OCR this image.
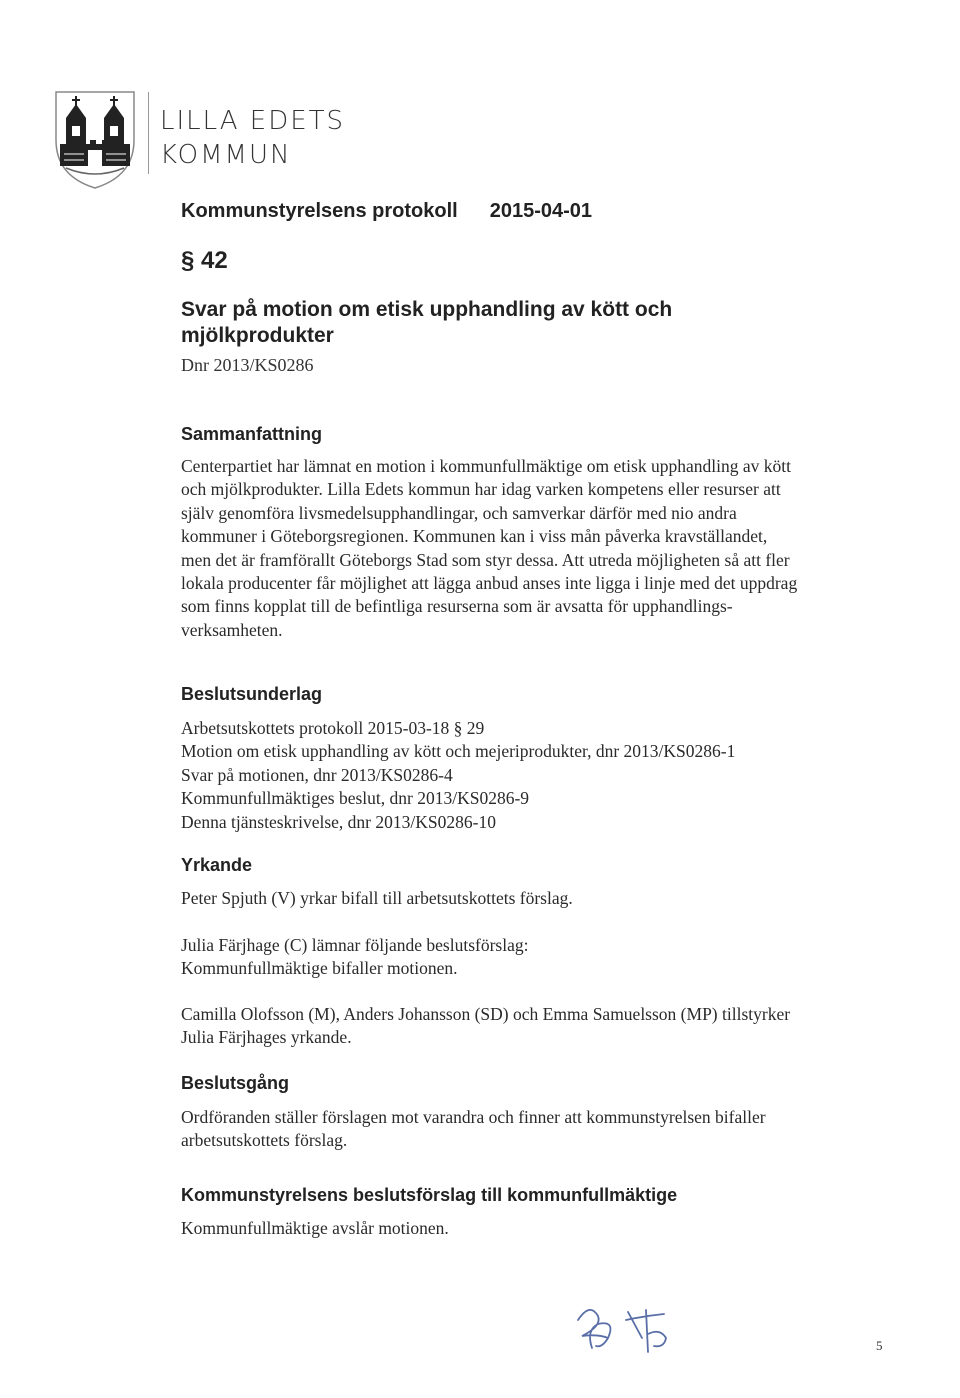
LILLA EDETS
KOMMUN
Kommunstyrelsens protokoll 2015-04-01
§ 42
Svar på motion om etisk upphandling av kött och mjölkprodukter
Dnr 2013/KS0286
Sammanfattning
Centerpartiet har lämnat en motion i kommunfullmäktige om etisk upphandling av kött
och mjölkprodukter. Lilla Edets kommun har idag varken kompetens eller resurser att
själv genomföra livsmedelsupphandlingar, och samverkar därför med nio andra
kommuner i Göteborgsregionen. Kommunen kan i viss mån påverka kravställandet,
men det är framförallt Göteborgs Stad som styr dessa. Att utreda möjligheten så att fler
lokala producenter får möjlighet att lägga anbud anses inte ligga i linje med det uppdrag
som finns kopplat till de befintliga resurserna som är avsatta för upphandlings-
verksamheten.
Beslutsunderlag
Arbetsutskottets protokoll 2015-03-18 § 29
Motion om etisk upphandling av kött och mejeriprodukter, dnr 2013/KS0286-1
Svar på motionen, dnr 2013/KS0286-4
Kommunfullmäktiges beslut, dnr 2013/KS0286-9
Denna tjänsteskrivelse, dnr 2013/KS0286-10
Yrkande
Peter Spjuth (V) yrkar bifall till arbetsutskottets förslag.
Julia Färjhage (C) lämnar följande beslutsförslag:
Kommunfullmäktige bifaller motionen.
Camilla Olofsson (M), Anders Johansson (SD) och Emma Samuelsson (MP) tillstyrker
Julia Färjhages yrkande.
Beslutsgång
Ordföranden ställer förslagen mot varandra och finner att kommunstyrelsen bifaller
arbetsutskottets förslag.
Kommunstyrelsens beslutsförslag till kommunfullmäktige
Kommunfullmäktige avslår motionen.
5
